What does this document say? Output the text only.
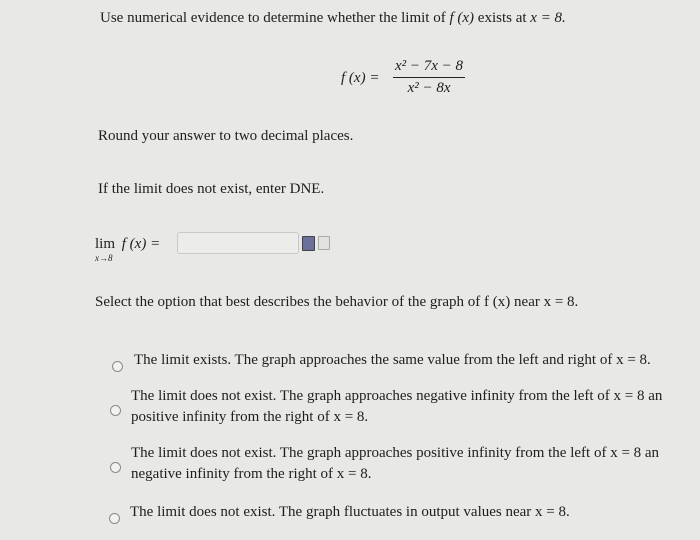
Use numerical evidence to determine whether the limit of f (x) exists at x = 8.
f $(x) = \frac{\text{x² − 7x − 8}}{\text{x² − 8x}}$
Round your answer to two decimal places.
If the limit does not exist, enter DNE.
lim
x→8
f (x) =
Select the option that best describes the behavior of the graph of f (x) near x = 8.
The limit exists. The graph approaches the same value from the left and right of x = 8.
The limit does not exist. The graph approaches negative infinity from the left of x = 8 an
positive infinity from the right of x = 8.
The limit does not exist. The graph approaches positive infinity from the left of x = 8 an
negative infinity from the right of x = 8.
The limit does not exist. The graph fluctuates in output values near x = 8.
